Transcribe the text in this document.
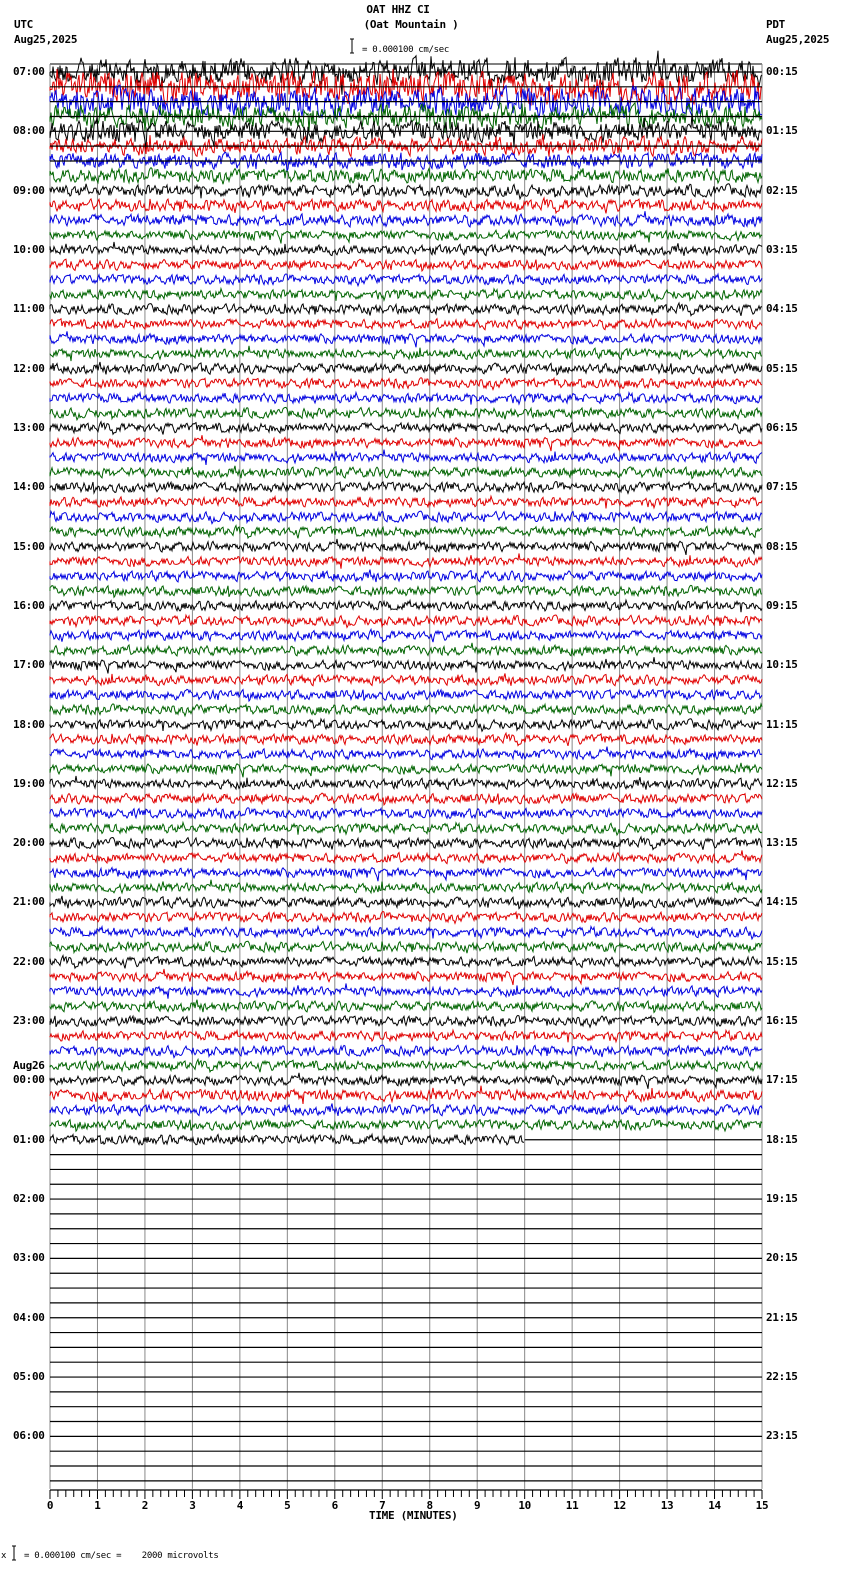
OAT HHZ CI
(Oat Mountain )
UTC
Aug25,2025
PDT
Aug25,2025
= 0.000100 cm/sec
0	1	2	3	4	5	6	7	8	9	10	11	12	13	14	15
07:00	00:15
08:00	01:15
09:00	02:15
10:00	03:15
11:00	04:15
12:00	05:15
13:00	06:15
14:00	07:15
15:00	08:15
16:00	09:15
17:00	10:15
18:00	11:15
19:00	12:15
20:00	13:15
21:00	14:15
22:00	15:15
23:00	16:15
00:00	17:15
01:00	18:15
02:00	19:15
03:00	20:15
04:00	21:15
05:00	22:15
06:00	23:15
Aug26
TIME (MINUTES)
x = 0.000100 cm/sec =    2000 microvolts
